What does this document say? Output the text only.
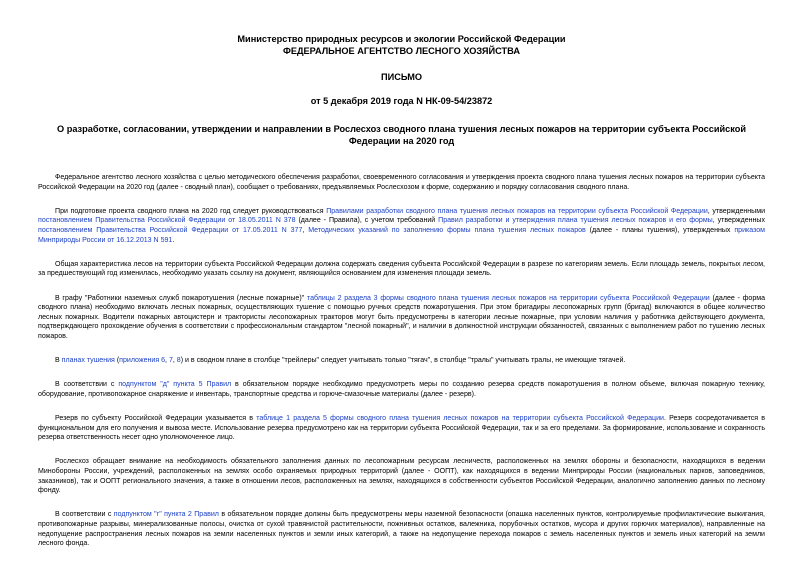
Министерство природных ресурсов и экологии Российской Федерации
ФЕДЕРАЛЬНОЕ АГЕНТСТВО ЛЕСНОГО ХОЗЯЙСТВА
ПИСЬМО
от 5 декабря 2019 года N НК-09-54/23872
О разработке, согласовании, утверждении и направлении в Рослесхоз сводного плана тушения лесных пожаров на территории субъекта Российской Федерации на 2020 год

Федеральное агентство лесного хозяйства с целью методического обеспечения разработки, своевременного согласования и утверждения проекта сводного плана тушения лесных пожаров на территории субъекта Российской Федерации на 2020 год (далее - сводный план), сообщает о требованиях, предъявляемых Рослесхозом к форме, содержанию и порядку согласования сводного плана.

При подготовке проекта сводного плана на 2020 год следует руководствоваться Правилами разработки сводного плана тушения лесных пожаров на территории субъекта Российской Федерации, утвержденными постановлением Правительства Российской Федерации от 18.05.2011 N 378 (далее - Правила), с учетом требований Правил разработки и утверждения плана тушения лесных пожаров и его формы, утвержденных постановлением Правительства Российской Федерации от 17.05.2011 N 377, Методических указаний по заполнению формы плана тушения лесных пожаров (далее - планы тушения), утвержденных приказом Минприроды России от 16.12.2013 N 591.

Общая характеристика лесов на территории субъекта Российской Федерации должна содержать сведения субъекта Российской Федерации в разрезе по категориям земель. Если площадь земель, покрытых лесом, за предшествующий год изменилась, необходимо указать ссылку на документ, являющийся основанием для изменения площади земель.

В графу "Работники наземных служб пожаротушения (лесные пожарные)" таблицы 2 раздела 3 формы сводного плана тушения лесных пожаров на территории субъекта Российской Федерации (далее - форма сводного плана) необходимо включать лесных пожарных, осуществляющих тушение с помощью ручных средств пожаротушения. При этом бригадиры лесопожарных групп (бригад) включаются в общее количество лесных пожарных. Водители пожарных автоцистерн и трактористы лесопожарных тракторов могут быть предусмотрены в категории лесные пожарные, при условии наличия у работника действующего документа, подтверждающего прохождение обучения в соответствии с профессиональным стандартом "лесной пожарный", и наличии в должностной инструкции обязанностей, связанных с выполнением работ по тушению лесных пожаров.

В планах тушения (приложения 6, 7, 8) и в сводном плане в столбце "трейлеры" следует учитывать только "тягач", в столбце "тралы" учитывать тралы, не имеющие тягачей.

В соответствии с подпунктом "д" пункта 5 Правил в обязательном порядке необходимо предусмотреть меры по созданию резерва средств пожаротушения в полном объеме, включая пожарную технику, оборудование, противопожарное снаряжение и инвентарь, транспортные средства и горюче-смазочные материалы (далее - резерв).

Резерв по субъекту Российской Федерации указывается в таблице 1 раздела 5 формы сводного плана тушения лесных пожаров на территории субъекта Российской Федерации. Резерв сосредотачивается в функциональном для его получения и вывоза месте. Использование резерва предусмотрено как на территории субъекта Российской Федерации, так и за его пределами. За формирование, использование и сохранность резерва ответственность несет одно уполномоченное лицо.

Рослесхоз обращает внимание на необходимость обязательного заполнения данных по лесопожарным ресурсам лесничеств, расположенных на землях обороны и безопасности, находящихся в ведении Минобороны России, учреждений, расположенных на землях особо охраняемых природных территорий (далее - ООПТ), как находящихся в ведении Минприроды России (национальных парков, заповедников, заказников), так и ООПТ регионального значения, а также в отношении лесов, расположенных на землях, находящихся в собственности субъектов Российской Федерации, аналогично заполнению данных по лесному фонду.

В соответствии с подпунктом "г" пункта 2 Правил в обязательном порядке должны быть предусмотрены меры наземной безопасности (опашка населенных пунктов, контролируемые профилактические выжигания, противопожарные разрывы, минерализованные полосы, очистка от сухой травянистой растительности, пожнивных остатков, валежника, порубочных остатков, мусора и других горючих материалов), направленные на недопущение распространения лесных пожаров на земли населенных пунктов и земли иных категорий, а также на недопущение перехода пожаров с земель населенных пунктов и земель иных категорий на земли лесного фонда.
